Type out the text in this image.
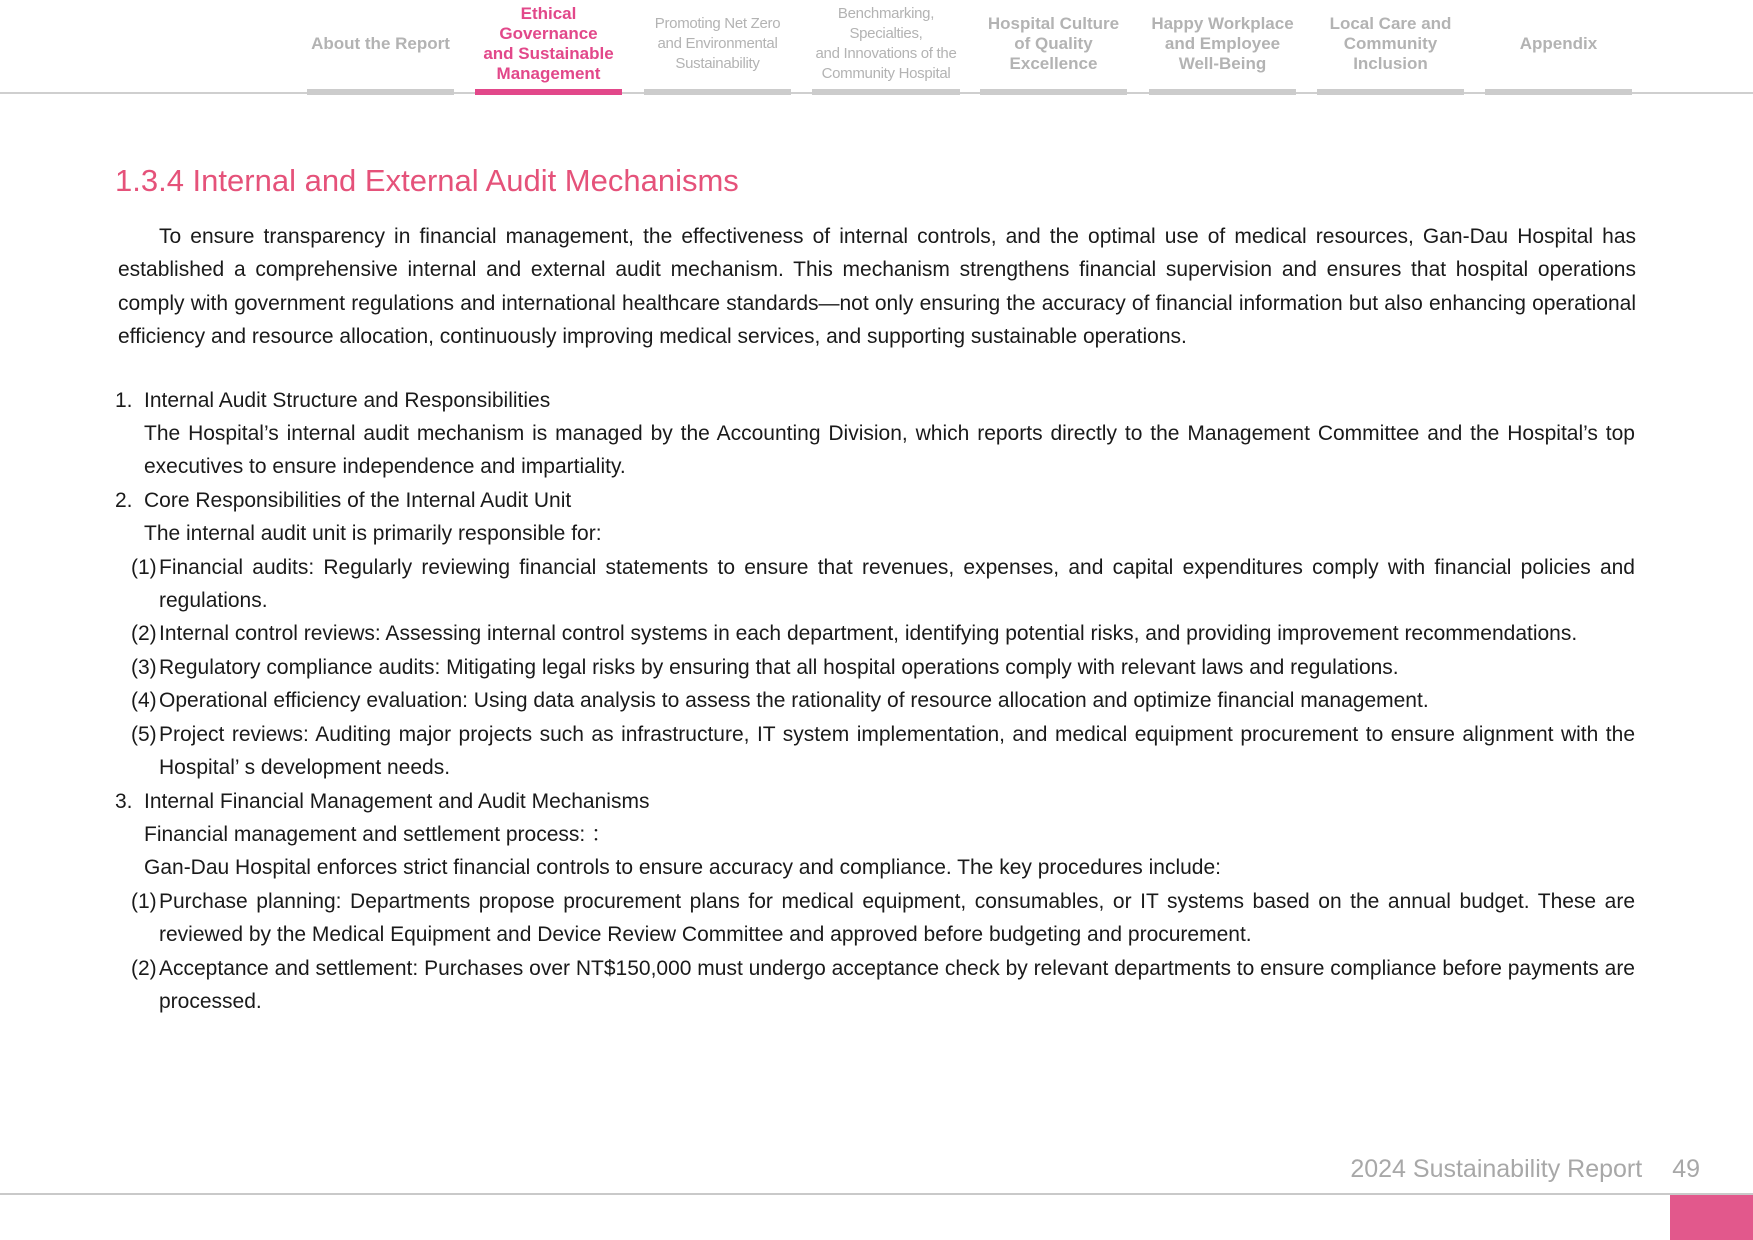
About the Report
Ethical Governance
and Sustainable
Management
Promoting Net Zero
and Environmental
Sustainability
Benchmarking, Specialties,
and Innovations of the
Community Hospital
Hospital Culture
of Quality
Excellence
Happy Workplace
and Employee
Well-Being
Local Care and
Community
Inclusion
Appendix
1.3.4 Internal and External Audit Mechanisms

To ensure transparency in financial management, the effectiveness of internal controls, and the optimal use of medical resources, Gan-Dau Hospital has established a comprehensive internal and external audit mechanism. This mechanism strengthens financial supervision and ensures that hospital operations comply with government regulations and international healthcare standards—not only ensuring the accuracy of financial information but also enhancing operational efficiency and resource allocation, continuously improving medical services, and supporting sustainable operations.

1. Internal Audit Structure and Responsibilities
The Hospital’s internal audit mechanism is managed by the Accounting Division, which reports directly to the Management Committee and the Hospital’s top executives to ensure independence and impartiality.
2. Core Responsibilities of the Internal Audit Unit
The internal audit unit is primarily responsible for:
(1) Financial audits: Regularly reviewing financial statements to ensure that revenues, expenses, and capital expenditures comply with financial policies and regulations.
(2) Internal control reviews: Assessing internal control systems in each department, identifying potential risks, and providing improvement recommendations.
(3) Regulatory compliance audits: Mitigating legal risks by ensuring that all hospital operations comply with relevant laws and regulations.
(4) Operational efficiency evaluation: Using data analysis to assess the rationality of resource allocation and optimize financial management.
(5) Project reviews: Auditing major projects such as infrastructure, IT system implementation, and medical equipment procurement to ensure alignment with the Hospital’ s development needs.
3. Internal Financial Management and Audit Mechanisms
Financial management and settlement process: ：
Gan-Dau Hospital enforces strict financial controls to ensure accuracy and compliance. The key procedures include:
(1) Purchase planning: Departments propose procurement plans for medical equipment, consumables, or IT systems based on the annual budget. These are reviewed by the Medical Equipment and Device Review Committee and approved before budgeting and procurement.
(2) Acceptance and settlement: Purchases over NT$150,000 must undergo acceptance check by relevant departments to ensure compliance before payments are processed.
2024 Sustainability Report 49
